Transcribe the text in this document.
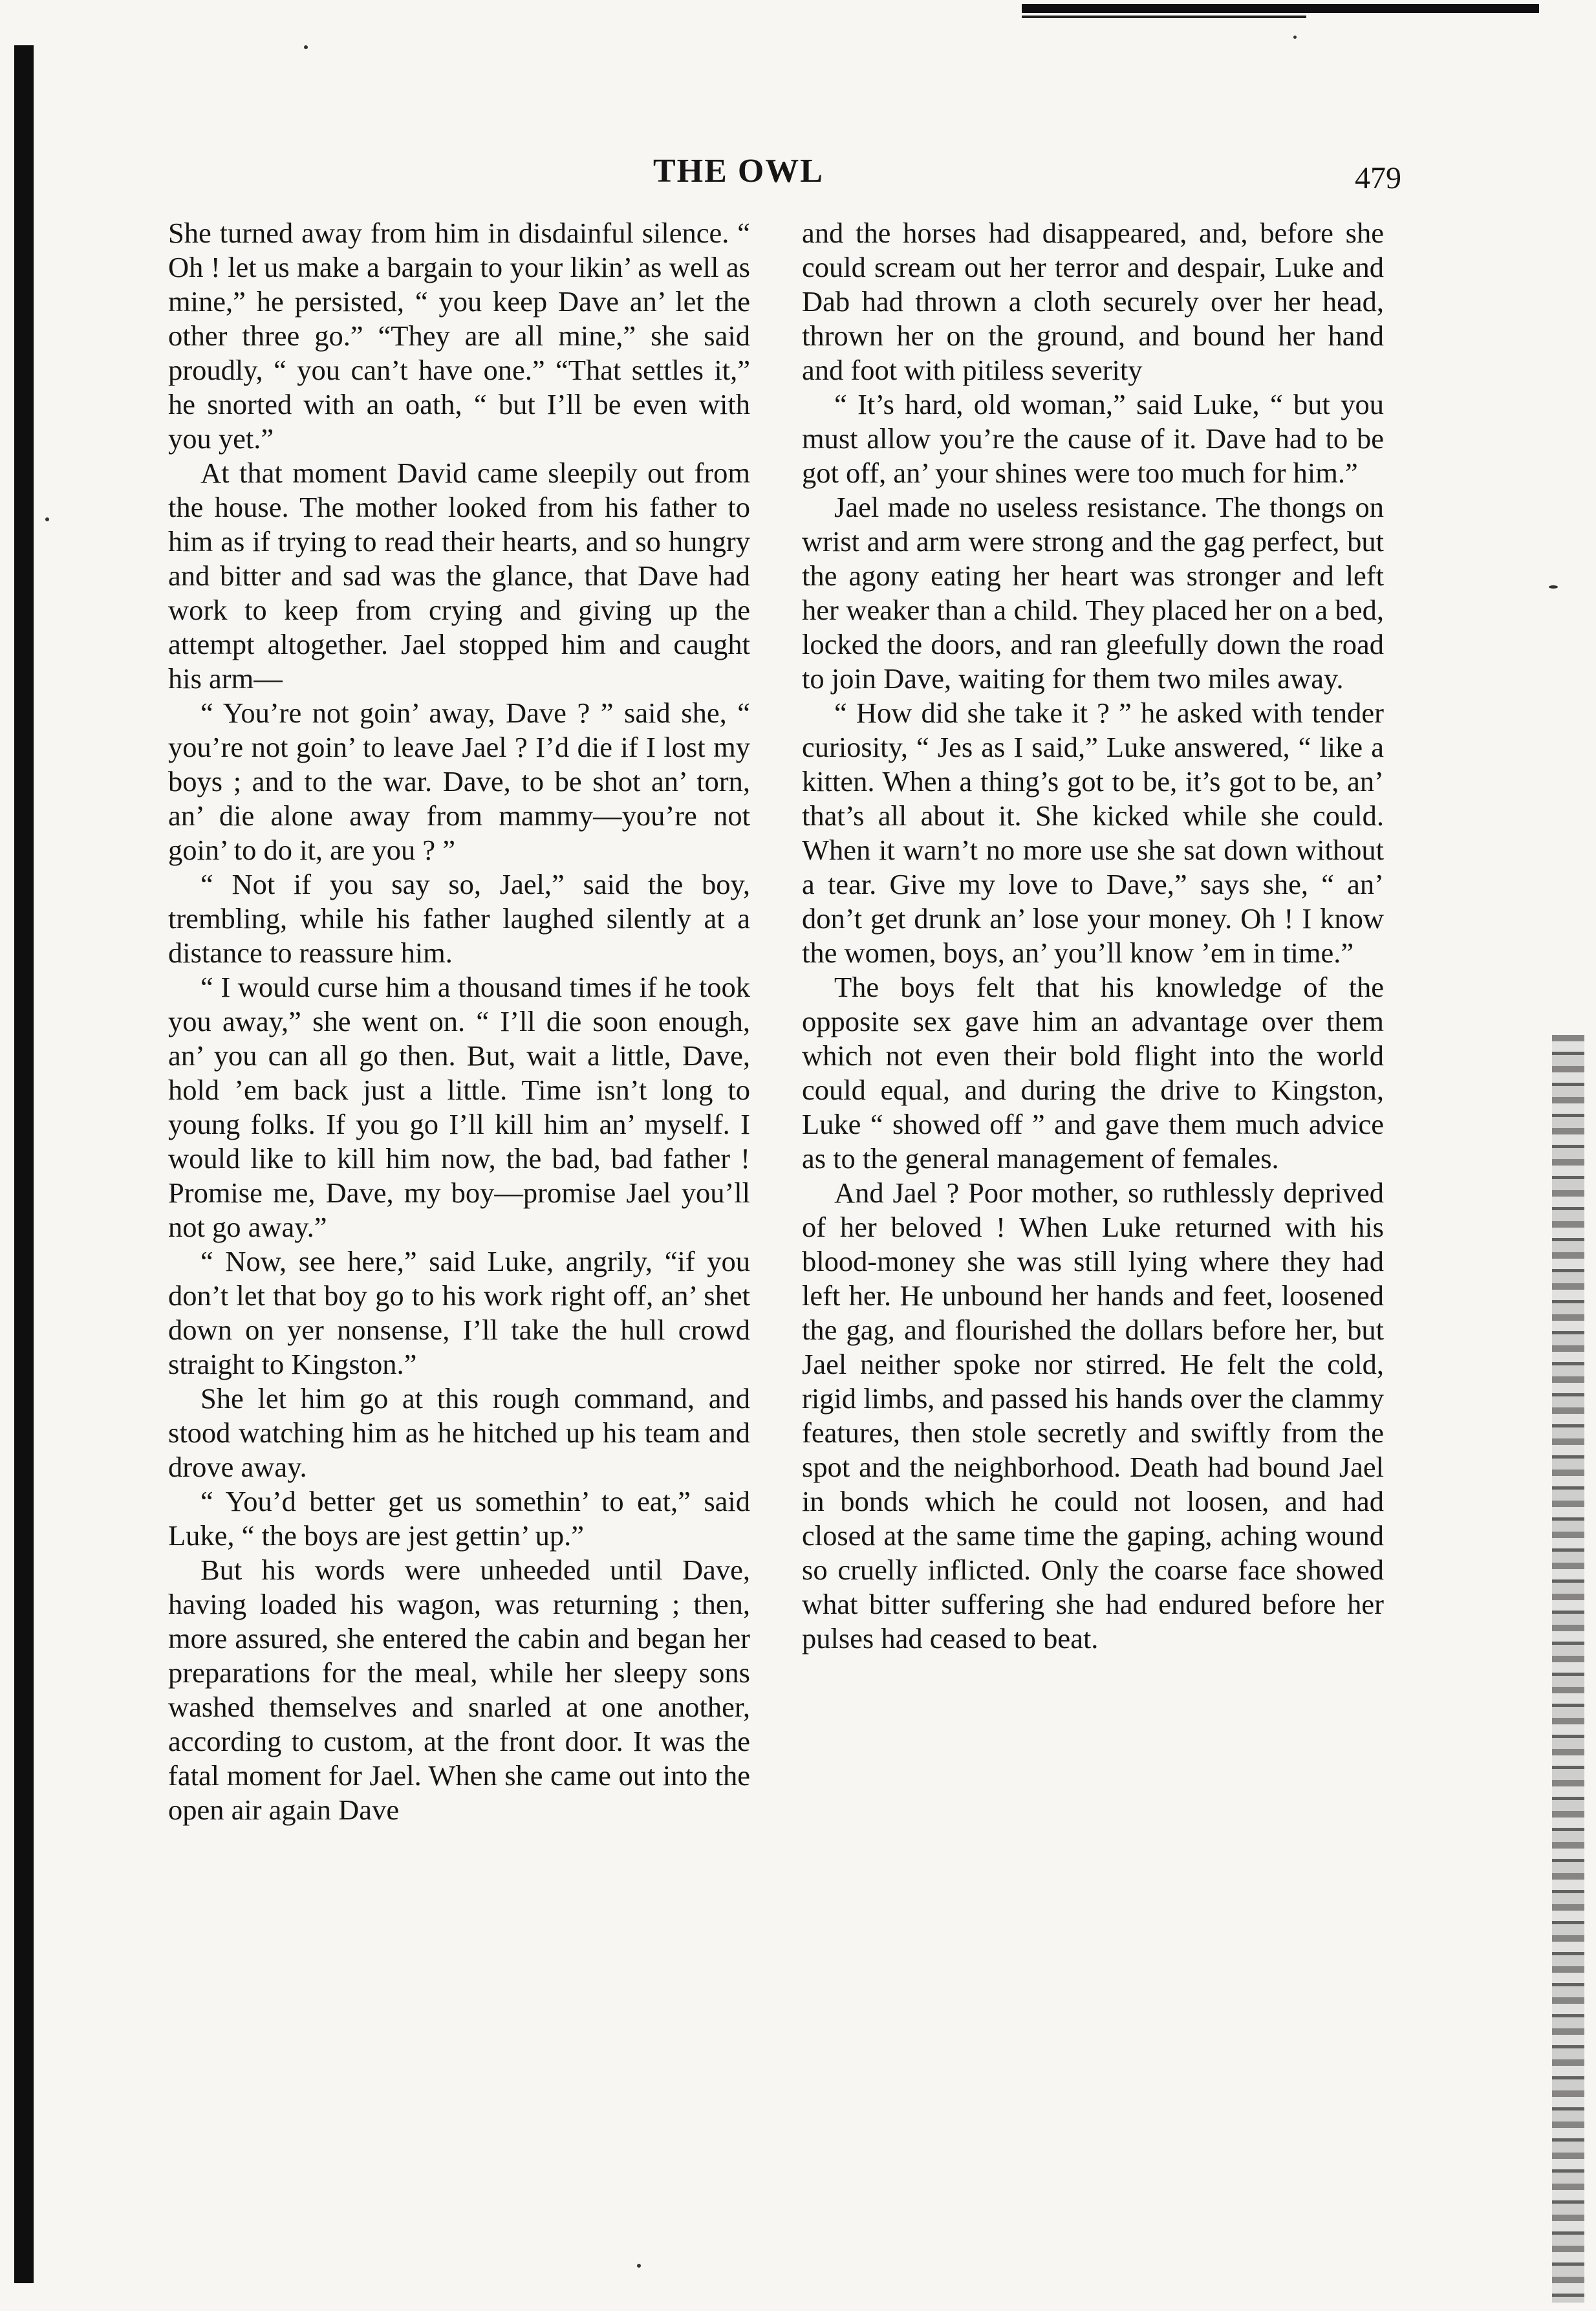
THE OWL	479

She turned away from him in disdainful silence. “ Oh ! let us make a bargain to your likin’ as well as mine,” he persisted, “ you keep Dave an’ let the other three go.” “They are all mine,” she said proudly, “ you can’t have one.” “That settles it,” he snorted with an oath, “ but I’ll be even with you yet.”

At that moment David came sleepily out from the house. The mother looked from his father to him as if trying to read their hearts, and so hungry and bitter and sad was the glance, that Dave had work to keep from crying and giving up the attempt altogether. Jael stopped him and caught his arm—

“ You’re not goin’ away, Dave ? ” said she, “ you’re not goin’ to leave Jael ? I’d die if I lost my boys ; and to the war. Dave, to be shot an’ torn, an’ die alone away from mammy—you’re not goin’ to do it, are you ? ”

“ Not if you say so, Jael,” said the boy, trembling, while his father laughed silently at a distance to reassure him.

“ I would curse him a thousand times if he took you away,” she went on. “ I’ll die soon enough, an’ you can all go then. But, wait a little, Dave, hold ’em back just a little. Time isn’t long to young folks. If you go I’ll kill him an’ myself. I would like to kill him now, the bad, bad father ! Promise me, Dave, my boy—promise Jael you’ll not go away.”

“ Now, see here,” said Luke, angrily, “if you don’t let that boy go to his work right off, an’ shet down on yer nonsense, I’ll take the hull crowd straight to Kingston.”

She let him go at this rough command, and stood watching him as he hitched up his team and drove away.

“ You’d better get us somethin’ to eat,” said Luke, “ the boys are jest gettin’ up.”

But his words were unheeded until Dave, having loaded his wagon, was returning ; then, more assured, she entered the cabin and began her preparations for the meal, while her sleepy sons washed themselves and snarled at one another, according to custom, at the front door. It was the fatal moment for Jael. When she came out into the open air again Dave

and the horses had disappeared, and, before she could scream out her terror and despair, Luke and Dab had thrown a cloth securely over her head, thrown her on the ground, and bound her hand and foot with pitiless severity

“ It’s hard, old woman,” said Luke, “ but you must allow you’re the cause of it. Dave had to be got off, an’ your shines were too much for him.”

Jael made no useless resistance. The thongs on wrist and arm were strong and the gag perfect, but the agony eating her heart was stronger and left her weaker than a child. They placed her on a bed, locked the doors, and ran gleefully down the road to join Dave, waiting for them two miles away.

“ How did she take it ? ” he asked with tender curiosity, “ Jes as I said,” Luke answered, “ like a kitten. When a thing’s got to be, it’s got to be, an’ that’s all about it. She kicked while she could. When it warn’t no more use she sat down without a tear. Give my love to Dave,” says she, “ an’ don’t get drunk an’ lose your money. Oh ! I know the women, boys, an’ you’ll know ’em in time.”

The boys felt that his knowledge of the opposite sex gave him an advantage over them which not even their bold flight into the world could equal, and during the drive to Kingston, Luke “ showed off ” and gave them much advice as to the general management of females.

And Jael ? Poor mother, so ruthlessly deprived of her beloved ! When Luke returned with his blood-money she was still lying where they had left her. He unbound her hands and feet, loosened the gag, and flourished the dollars before her, but Jael neither spoke nor stirred. He felt the cold, rigid limbs, and passed his hands over the clammy features, then stole secretly and swiftly from the spot and the neighborhood. Death had bound Jael in bonds which he could not loosen, and had closed at the same time the gaping, aching wound so cruelly inflicted. Only the coarse face showed what bitter suffering she had endured before her pulses had ceased to beat.
